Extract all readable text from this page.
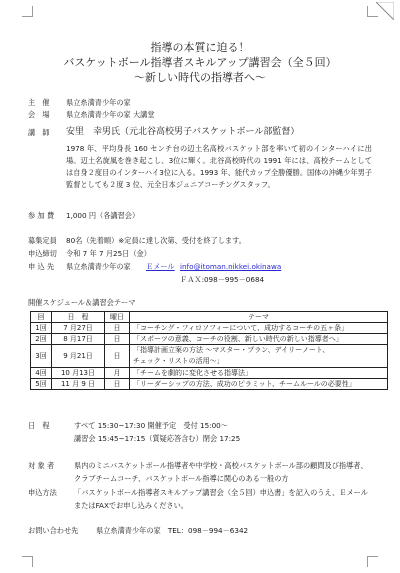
指導の本質に迫る！
バスケットボール指導者スキルアップ講習会（全５回）
～新しい時代の指導者へ～
主　催 県立糸満青少年の家
会　場 県立糸満青少年の家 大講堂
講　師 安里　幸男氏（元北谷高校男子バスケットボール部監督）
1978 年、平均身長 160 センチ台の辺土名高校バスケット部を率いて初のインターハイに出場。辺土名旋風を巻き起こし、3位に輝く。北谷高校時代の 1991 年には、高校チームとしては自身２度目のインターハイ3位に入る。1993 年、能代カップ全勝優勝。国体の沖縄少年男子監督としても２度 3 位、元全日本ジュニアコーチングスタッフ。
参 加 費 1,000 円（各講習会）
募集定員 80名（先着順）※定員に達し次第、受付を終了します。
申込締切 令和 7 年 7 月25日（金）
申 込 先 県立糸満青少年の家 Ｅメール info@itoman.nikkei.okinawa
ＦＡＸ:098－995－0684
開催スケジュール＆講習会テーマ
回	日　程	曜日	テーマ
1回	7 月27日	日	「コーチング・フィロソフィーについて、成功するコーチの五ヶ条」
2回	8 月17日	日	「スポーツの意義、コーチの役割、新しい時代の新しい指導者へ」
3回	9 月21日	日	「指導計画立案の方法 ～マスター・プラン、デイリーノート、
チェック・リストの活用～」

4回	10 月13日	月	「チームを劇的に変化させる指導法」
5回	11 月 9 日	日	「リーダーシップの方法、成功のピラミット、チームルールの必要性」
日　程	すべて 15:30~17:30 開催予定　受付 15:00～
講習会 15:45~17:15（質疑応答含む）閉会 17:25
対 象 者	県内のミニバスケットボール指導者や中学校・高校バスケットボール部の顧問及び指導者、
クラブチームコーチ、バスケットボール指導に関心のある一般の方
申込方法 「バスケットボール指導者スキルアップ講習会（全５回）申込書」を記入のうえ、Ｅメール
またはFAXでお申し込みください。
お問い合わせ先 県立糸満青少年の家　TEL：098－994－6342
